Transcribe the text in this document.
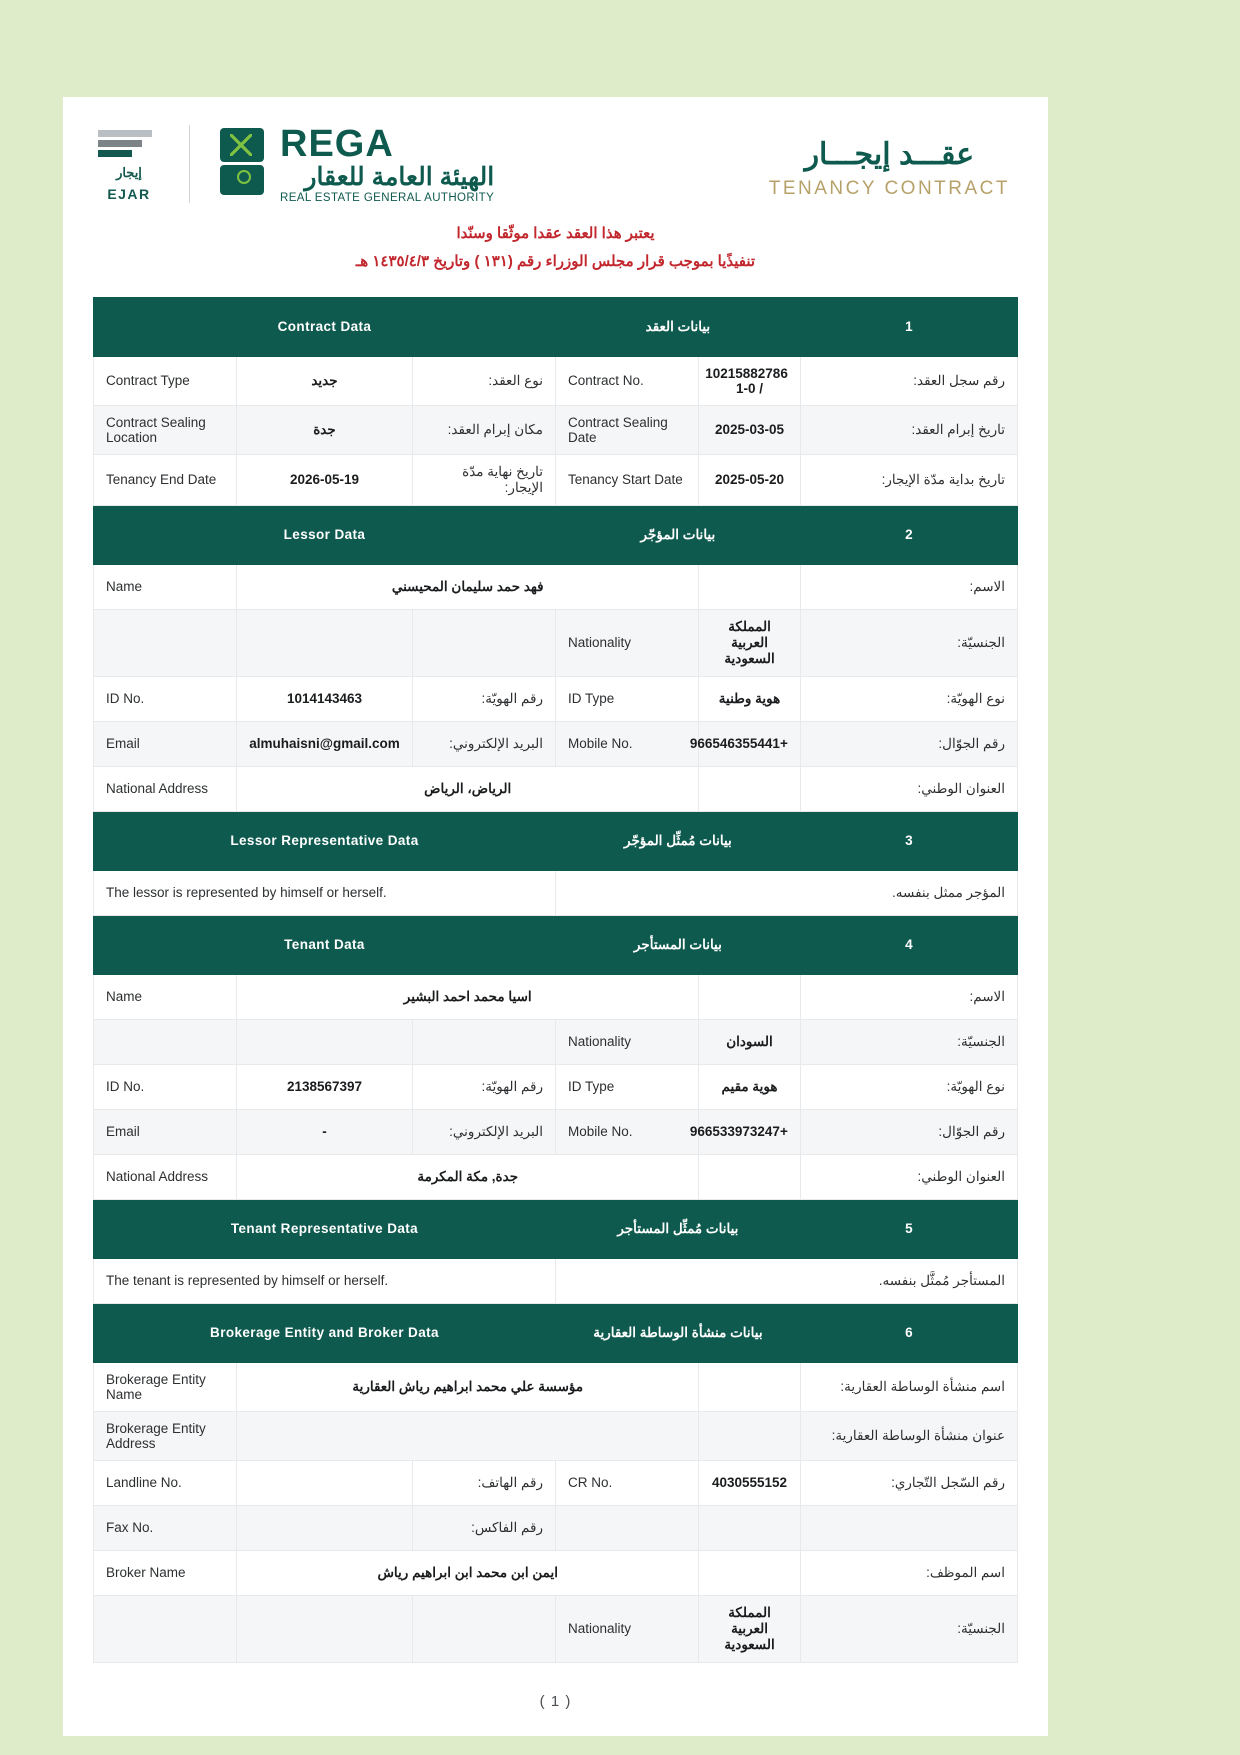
إيجار
EJAR
REGA
الهيئة العامة للعقار
REAL ESTATE GENERAL AUTHORITY
عقـــد إيجـــار
TENANCY CONTRACT
يعتبر هذا العقد عقدا موثّقا وسنّدا
تنفيذًيا بموجب قرار مجلس الوزراء رقم (١٣١ ) وتاريخ ١٤٣٥/٤/٣ هـ
Contract Data			بيانات العقد		1
Contract Type	جديد	نوع العقد:	Contract No.	10215882786 / 1-0	رقم سجل العقد:
Contract Sealing Location	جدة	مكان إبرام العقد:	Contract Sealing Date	2025-03-05	تاريخ إبرام العقد:
Tenancy End Date	2026-05-19	تاريخ نهاية مدّة الإيجار:	Tenancy Start Date	2025-05-20	تاريخ بداية مدّة الإيجار:
Lessor Data			بيانات المؤجّر		2
Name	فهد حمد سليمان المحيسني				الاسم:
			Nationality	المملكة العربية السعودية	الجنسيّة:
ID No.	1014143463	رقم الهويّة:	ID Type	هوية وطنية	نوع الهويّة:
Email	almuhaisni@gmail.com	البريد الإلكتروني:	Mobile No.	+966546355441	رقم الجوّال:
National Address	الرياض، الرياض				العنوان الوطني:
Lessor Representative Data			بيانات مُمثِّل المؤجّر		3
The lessor is represented by himself or herself.			المؤجر ممثل بنفسه.		
Tenant Data			بيانات المستأجر		4
Name	اسيا محمد احمد البشير				الاسم:
			Nationality	السودان	الجنسيّة:
ID No.	2138567397	رقم الهويّة:	ID Type	هوية مقيم	نوع الهويّة:
Email	-	البريد الإلكتروني:	Mobile No.	+966533973247	رقم الجوّال:
National Address	جدة, مكة المكرمة				العنوان الوطني:
Tenant Representative Data			بيانات مُمثِّل المستأجر		5
The tenant is represented by himself or herself.			المستأجر مُمثَّل بنفسه.		
Brokerage Entity and Broker Data			بيانات منشأة الوساطة العقارية		6
Brokerage Entity Name	مؤسسة علي محمد ابراهيم رياش العقارية				اسم منشأة الوساطة العقارية:
Brokerage Entity Address					عنوان منشأة الوساطة العقارية:
Landline No.		رقم الهاتف:	CR No.	4030555152	رقم السّجل التّجاري:
Fax No.		رقم الفاكس:			
Broker Name	ايمن ابن محمد ابن ابراهيم رياش				اسم الموظف:
			Nationality	المملكة العربية السعودية	الجنسيّة:
( 1 )
